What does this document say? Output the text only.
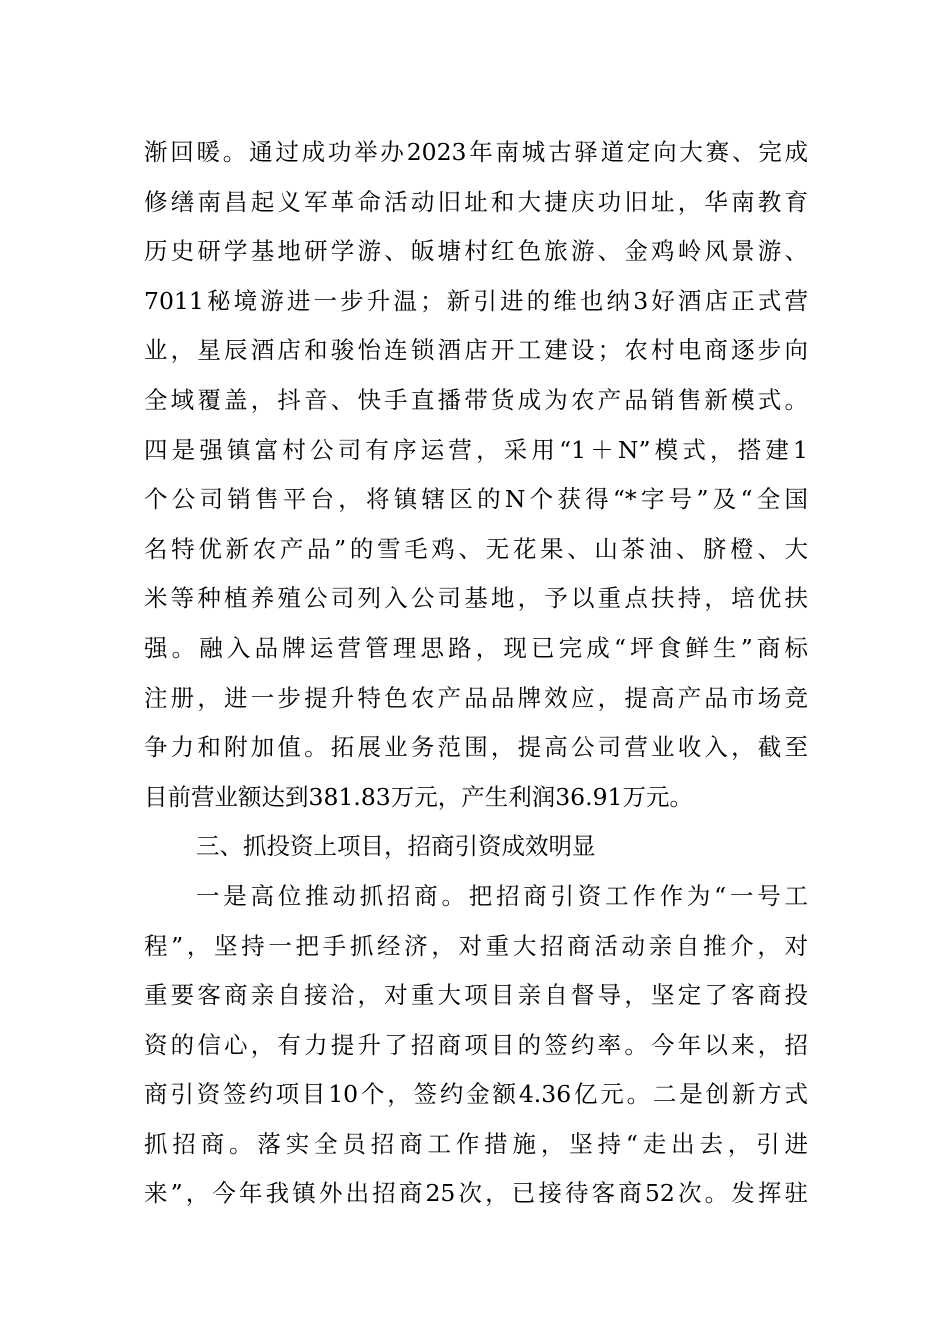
渐回暖。通过成功举办2023年南城古驿道定向大赛、完成
修缮南昌起义军革命活动旧址和大捷庆功旧址，华南教育
历史研学基地研学游、皈塘村红色旅游、金鸡岭风景游、
7011秘境游进一步升温；新引进的维也纳3好酒店正式营
业，星辰酒店和骏怡连锁酒店开工建设；农村电商逐步向
全域覆盖，抖音、快手直播带货成为农产品销售新模式。
四是强镇富村公司有序运营，采用“1＋N”模式，搭建1
个公司销售平台，将镇辖区的N个获得“*字号”及“全国
名特优新农产品”的雪毛鸡、无花果、山茶油、脐橙、大
米等种植养殖公司列入公司基地，予以重点扶持，培优扶
强。融入品牌运营管理思路，现已完成“坪食鲜生”商标
注册，进一步提升特色农产品品牌效应，提高产品市场竞
争力和附加值。拓展业务范围，提高公司营业收入，截至
目前营业额达到381.83万元，产生利润36.91万元。
三、抓投资上项目，招商引资成效明显
一是高位推动抓招商。把招商引资工作作为“一号工
程”，坚持一把手抓经济，对重大招商活动亲自推介，对
重要客商亲自接洽，对重大项目亲自督导，坚定了客商投
资的信心，有力提升了招商项目的签约率。今年以来，招
商引资签约项目10个，签约金额4.36亿元。二是创新方式
抓招商。落实全员招商工作措施，坚持“走出去，引进
来”，今年我镇外出招商25次，已接待客商52次。发挥驻
